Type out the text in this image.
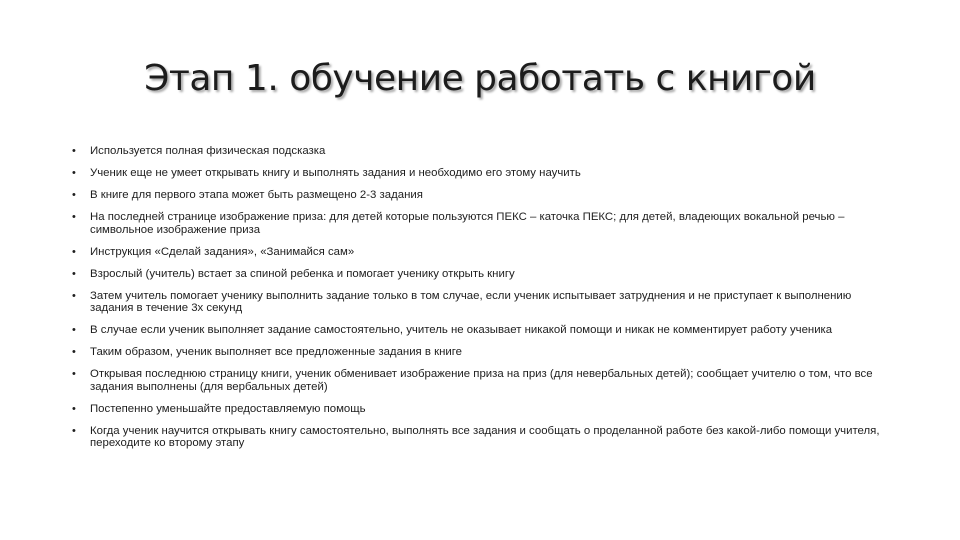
Этап 1. обучение работать с книгой
• Используется полная физическая подсказка
• Ученик еще не умеет открывать книгу и выполнять задания и необходимо его этому научить
• В книге для первого этапа может быть размещено 2-3 задания
• На последней странице изображение приза: для детей которые пользуются ПЕКС – каточка ПЕКС; для детей, владеющих вокальной речью – символьное изображение приза
• Инструкция «Сделай задания», «Занимайся сам»
• Взрослый (учитель) встает за спиной ребенка и помогает ученику открыть книгу
• Затем учитель помогает ученику выполнить задание только в том случае, если ученик испытывает затруднения и не приступает к выполнению задания в течение 3х секунд
• В случае если ученик выполняет задание самостоятельно, учитель не оказывает никакой помощи и никак не комментирует работу ученика
• Таким образом, ученик выполняет все предложенные задания в книге
• Открывая последнюю страницу книги, ученик обменивает изображение приза на приз (для невербальных детей); сообщает учителю о том, что все задания выполнены (для вербальных детей)
• Постепенно уменьшайте предоставляемую помощь
• Когда ученик научится открывать книгу самостоятельно, выполнять все задания и сообщать о проделанной работе без какой-либо помощи учителя, переходите ко второму этапу
